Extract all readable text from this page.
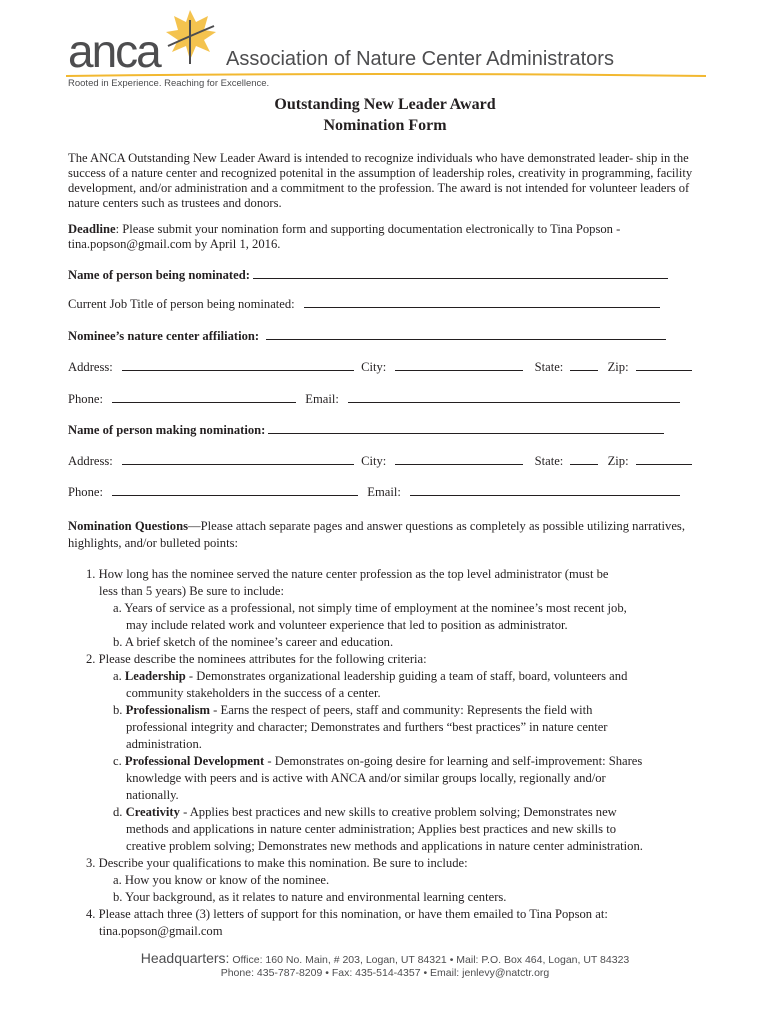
anca	Association of Nature Center Administrators
Rooted in Experience. Reaching for Excellence.
Outstanding New Leader Award
Nomination Form

The ANCA Outstanding New Leader Award is intended to recognize individuals who have demonstrated leader- ship in the success of a nature center and recognized potenital in the assumption of leadership roles, creativity in programming, facility development, and/or administration and a commitment to the profession. The award is not intended for volunteer leaders of nature centers such as trustees and donors.

Deadline: Please submit your nomination form and supporting documentation electronically to Tina Popson - tina.popson@gmail.com by April 1, 2016.

Name of person being nominated:
Current Job Title of person being nominated:
Nominee’s nature center affiliation:
Address:	City:	State:	Zip:
Phone:	Email:
Name of person making nomination:
Address:	City:	State:	Zip:
Phone:	Email:

Nomination Questions—Please attach separate pages and answer questions as completely as possible utilizing narratives, highlights, and/or bulleted points:

1. How long has the nominee served the nature center profession as the top level administrator (must be
less than 5 years) Be sure to include:
a. Years of service as a professional, not simply time of employment at the nominee’s most recent job,
may include related work and volunteer experience that led to position as administrator.
b. A brief sketch of the nominee’s career and education.
2. Please describe the nominees attributes for the following criteria:
a. Leadership - Demonstrates organizational leadership guiding a team of staff, board, volunteers and
community stakeholders in the success of a center.
b. Professionalism - Earns the respect of peers, staff and community: Represents the field with
professional integrity and character; Demonstrates and furthers “best practices” in nature center
administration.
c. Professional Development - Demonstrates on-going desire for learning and self-improvement: Shares
knowledge with peers and is active with ANCA and/or similar groups locally, regionally and/or
nationally.
d. Creativity - Applies best practices and new skills to creative problem solving; Demonstrates new
methods and applications in nature center administration; Applies best practices and new skills to
creative problem solving; Demonstrates new methods and applications in nature center administration.
3. Describe your qualifications to make this nomination. Be sure to include:
a. How you know or know of the nominee.
b. Your background, as it relates to nature and environmental learning centers.
4. Please attach three (3) letters of support for this nomination, or have them emailed to Tina Popson at:
tina.popson@gmail.com
Headquarters: Office: 160 No. Main, # 203, Logan, UT 84321 • Mail: P.O. Box 464, Logan, UT 84323
Phone: 435-787-8209 • Fax: 435-514-4357 • Email: jenlevy@natctr.org
